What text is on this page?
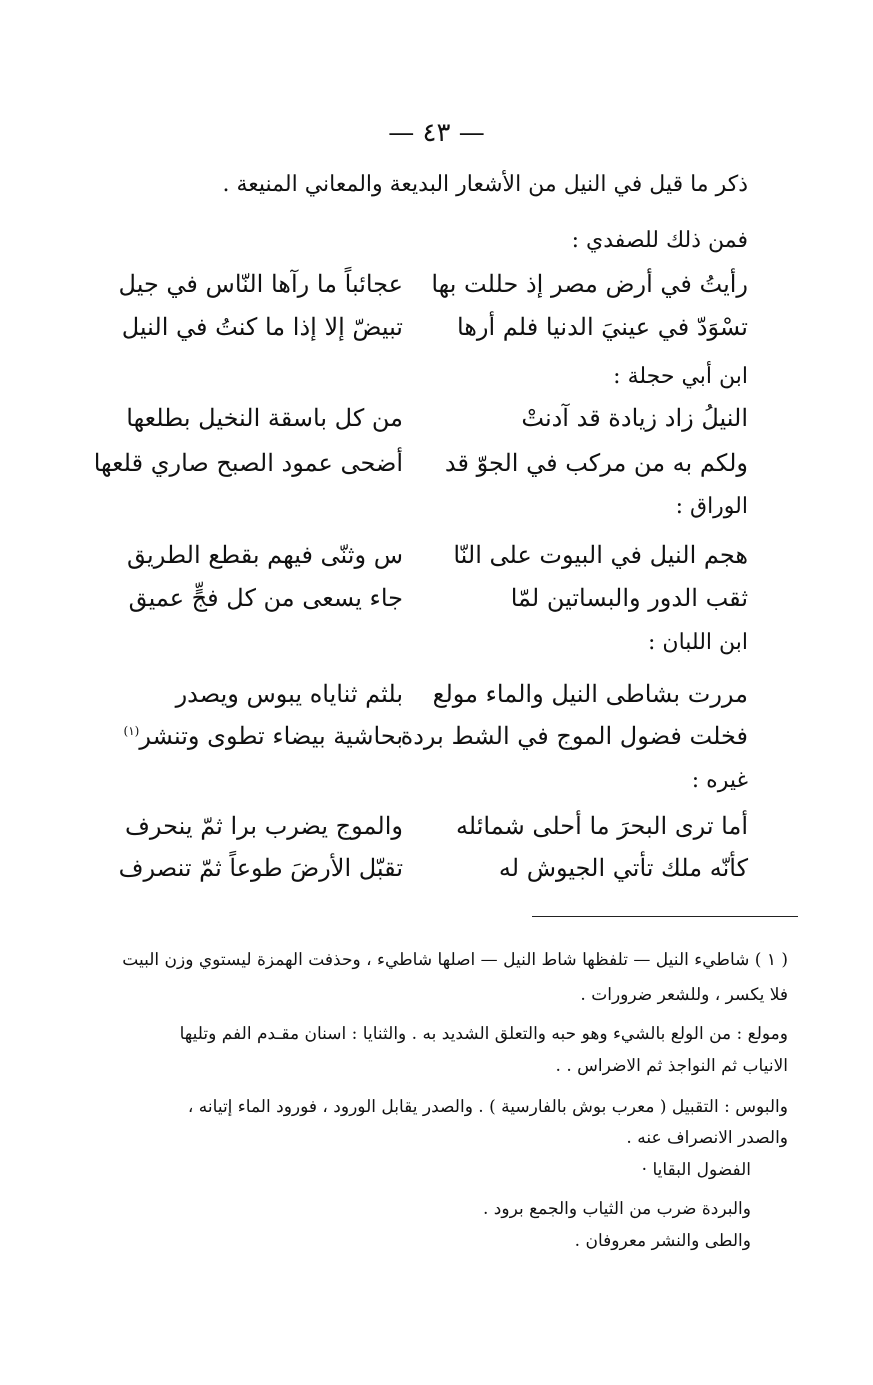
— ٤٣ —
ذكر ما قيل في النيل من الأشعار البديعة والمعاني المنيعة .
فمن ذلك للصفدي :
رأيتُ في أرض مصر إذ حللت بها
عجائباً ما رآها النّاس في جيل
تسْوَدّ في عينيَ الدنيا فلم أرها
تبيضّ إلا إذا ما كنتُ في النيل
ابن أبي حجلة :
النيلُ زاد زيادة قد آدنتْ
من كل باسقة النخيل بطلعها
ولكم به من مركب في الجوّ قد
أضحى عمود الصبح صاري قلعها
الوراق :
هجم النيل في البيوت على النّا
س وثنّى فيهم بقطع الطريق
ثقب الدور والبساتين لمّا
جاء يسعى من كل فجٍّ عميق
ابن اللبان :
مررت بشاطى النيل والماء مولع
بلثم ثناياه يبوس ويصدر
فخلت فضول الموج في الشط بردة
بحاشية بيضاء تطوى وتنشر$^{(١)}$
غيره :
أما ترى البحرَ ما أحلى شمائله
والموج يضرب برا ثمّ ينحرف
كأنّه ملك تأتي الجيوش له
تقبّل الأرضَ طوعاً ثمّ تنصرف
( ١ ) شاطيء النيل — تلفظها شاط النيل — اصلها شاطيء ، وحذفت الهمزة ليستوي وزن البيت
فلا يكسر ، وللشعر ضرورات .
ومولع : من الولع بالشيء وهو حبه والتعلق الشديد به . والثنايا : اسنان مقـدم الفم وتليها
الانياب ثم النواجذ ثم الاضراس . .
والبوس : التقبيل ( معرب بوش بالفارسية ) . والصدر يقابل الورود ، فورود الماء إتيانه ،
والصدر الانصراف عنه .
الفضول البقايا ·
والبردة ضرب من الثياب والجمع برود .
والطى والنشر معروفان .
